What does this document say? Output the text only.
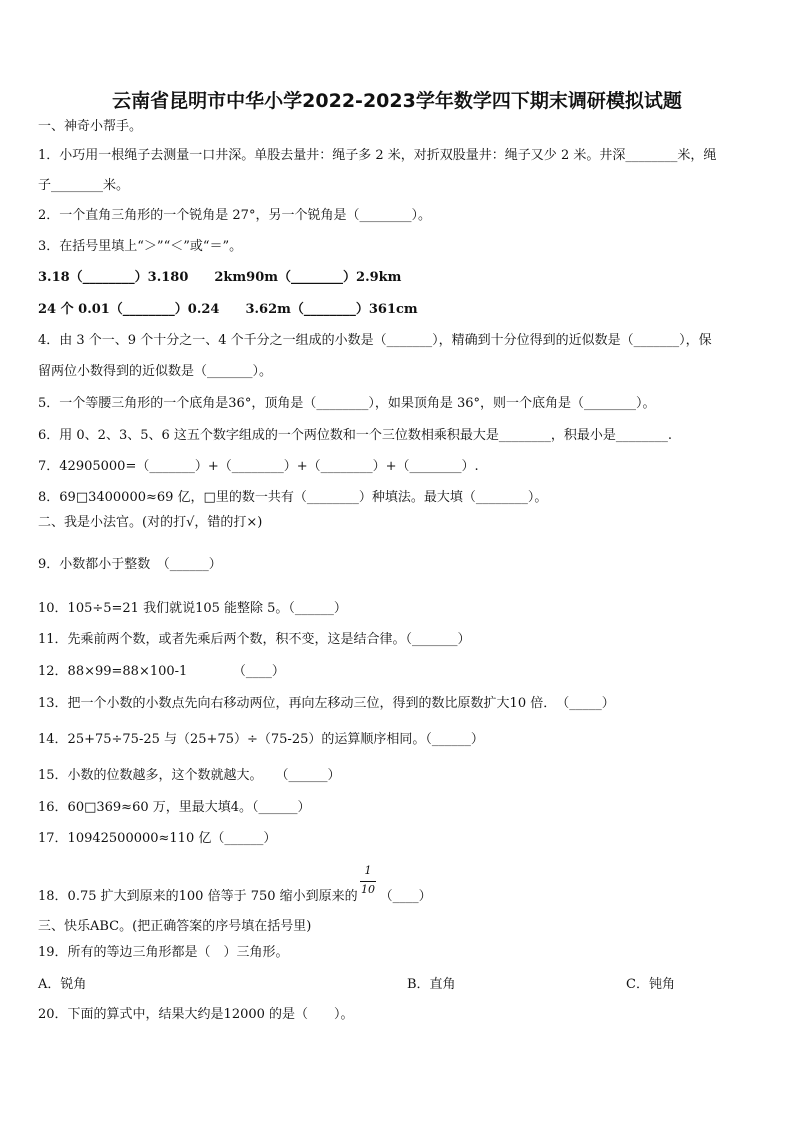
云南省昆明市中华小学2022-2023学年数学四下期末调研模拟试题
一、神奇小帮手。
1．小巧用一根绳子去测量一口井深。单股去量井：绳子多 2 米，对折双股量井：绳子又少 2 米。井深________米，绳
子________米。
2．一个直角三角形的一个锐角是 27°，另一个锐角是（________）。
3．在括号里填上“＞”“＜”或“＝”。
3.18（________）3.180　　2km90m（________）2.9km
24 个 0.01（________）0.24　　3.62m（________）361cm
4．由 3 个一、9 个十分之一、4 个千分之一组成的小数是（_______），精确到十分位得到的近似数是（_______），保
留两位小数得到的近似数是（_______）。
5．一个等腰三角形的一个底角是36°，顶角是（________），如果顶角是 36°，则一个底角是（________）。
6．用 0、2、3、5、6 这五个数字组成的一个两位数和一个三位数相乘积最大是________，积最小是________.
7．42905000=（_______）+（________）+（________）+（________）.
8．69□3400000≈69 亿，□里的数一共有（________）种填法。最大填（________）。
二、我是小法官。(对的打√，错的打×)
9．小数都小于整数　（______）
10．105÷5=21 我们就说105 能整除 5。（______）
11．先乘前两个数，或者先乘后两个数，积不变，这是结合律。（_______）
12．88×99=88×100-1　　　　（____）
13．把一个小数的小数点先向右移动两位，再向左移动三位，得到的数比原数扩大10 倍．　（_____）
14．25+75÷75-25 与（25+75）÷（75-25）的运算顺序相同。（______）
15．小数的位数越多，这个数就越大。　　（______）
16．60□369≈60 万，里最大填4。（______）
17．10942500000≈110 亿（______）
18．0.75 扩大到原来的100 倍等于 750 缩小到原来的 （____）
1
10
三、快乐ABC。(把正确答案的序号填在括号里)
19．所有的等边三角形都是（　）三角形。
A．锐角	B．直角	C．钝角
20．下面的算式中，结果大约是12000 的是（　　）。
